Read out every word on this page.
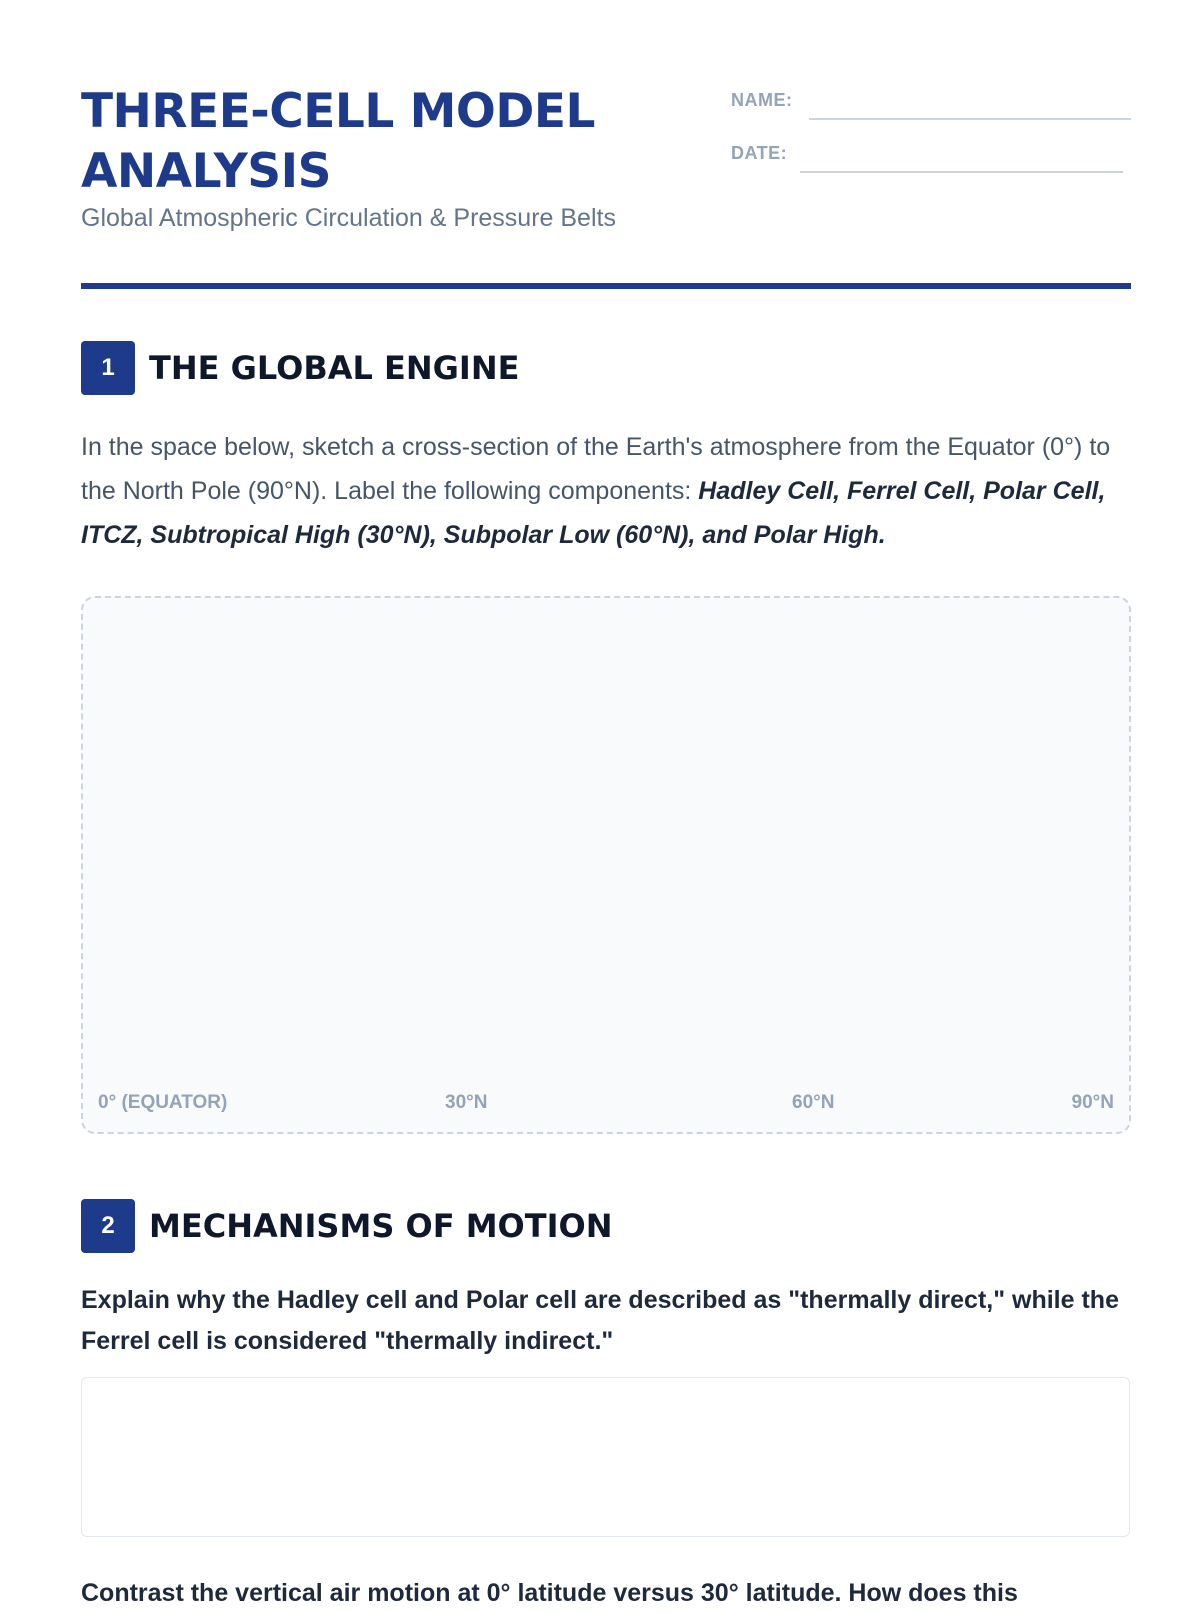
THREE-CELL MODEL ANALYSIS
Global Atmospheric Circulation & Pressure Belts
NAME:
DATE:
1	THE GLOBAL ENGINE

In the space below, sketch a cross-section of the Earth's atmosphere from the Equator (0°) to the North Pole (90°N). Label the following components: Hadley Cell, Ferrel Cell, Polar Cell, ITCZ, Subtropical High (30°N), Subpolar Low (60°N), and Polar High.

0° (EQUATOR)	30°N	60°N	90°N
2	MECHANISMS OF MOTION

Explain why the Hadley cell and Polar cell are described as "thermally direct," while the Ferrel cell is considered "thermally indirect."

Contrast the vertical air motion at 0° latitude versus 30° latitude. How does this
